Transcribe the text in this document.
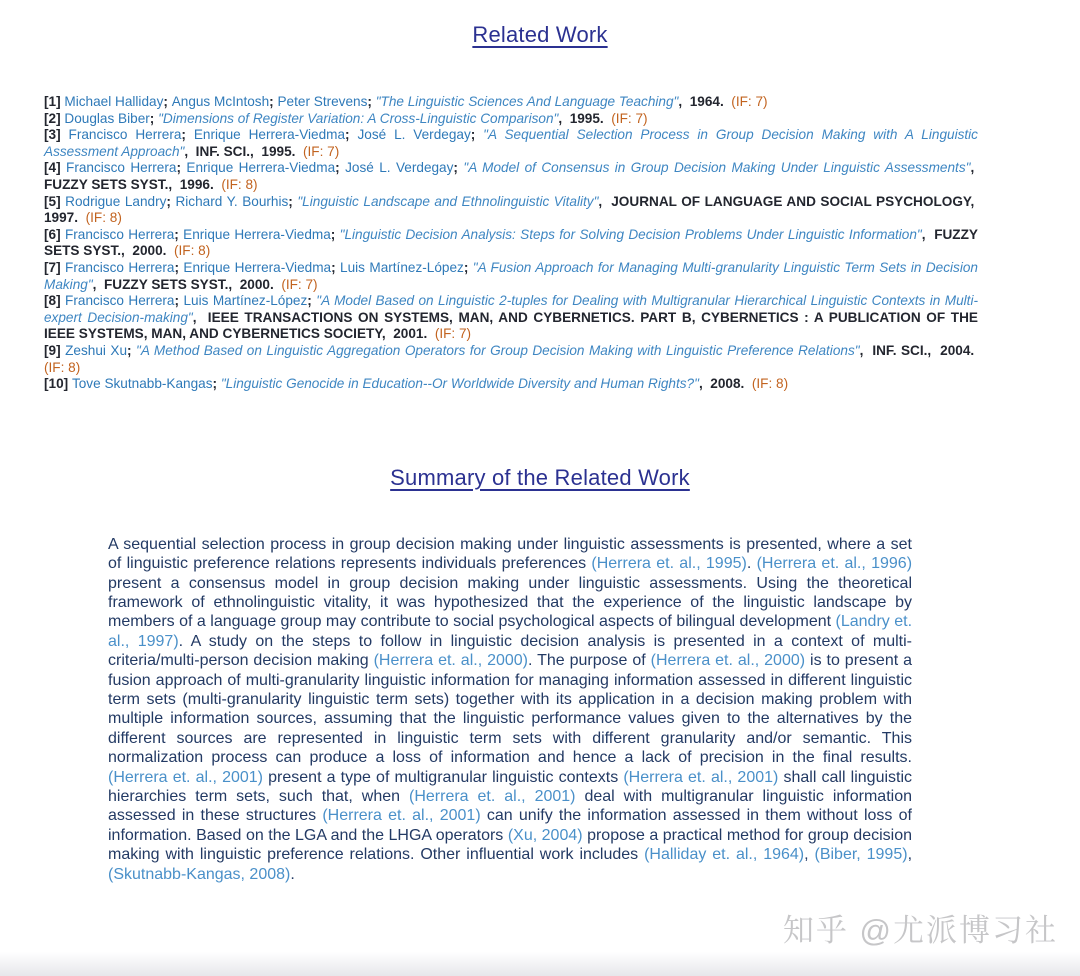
Related Work
[1] Michael Halliday; Angus McIntosh; Peter Strevens; "The Linguistic Sciences And Language Teaching",  1964. (IF: 7)
[2] Douglas Biber; "Dimensions of Register Variation: A Cross-Linguistic Comparison",  1995. (IF: 7)
[3] Francisco Herrera; Enrique Herrera-Viedma; José L. Verdegay; "A Sequential Selection Process in Group Decision Making with A Linguistic Assessment Approach",  INF. SCI., 1995. (IF: 7)
[4] Francisco Herrera; Enrique Herrera-Viedma; José L. Verdegay; "A Model of Consensus in Group Decision Making Under Linguistic Assessments",  FUZZY SETS SYST., 1996. (IF: 8)
[5] Rodrigue Landry; Richard Y. Bourhis; "Linguistic Landscape and Ethnolinguistic Vitality",  JOURNAL OF LANGUAGE AND SOCIAL PSYCHOLOGY,  1997. (IF: 8)
[6] Francisco Herrera; Enrique Herrera-Viedma; "Linguistic Decision Analysis: Steps for Solving Decision Problems Under Linguistic Information",  FUZZY SETS SYST., 2000. (IF: 8)
[7] Francisco Herrera; Enrique Herrera-Viedma; Luis Martínez-López; "A Fusion Approach for Managing Multi-granularity Linguistic Term Sets in Decision Making",  FUZZY SETS SYST., 2000. (IF: 7)
[8] Francisco Herrera; Luis Martínez-López; "A Model Based on Linguistic 2-tuples for Dealing with Multigranular Hierarchical Linguistic Contexts in Multi-expert Decision-making",  IEEE TRANSACTIONS ON SYSTEMS, MAN, AND CYBERNETICS. PART B, CYBERNETICS : A PUBLICATION OF THE IEEE SYSTEMS, MAN, AND CYBERNETICS SOCIETY, 2001. (IF: 7)
[9] Zeshui Xu; "A Method Based on Linguistic Aggregation Operators for Group Decision Making with Linguistic Preference Relations",  INF. SCI., 2004.  (IF: 8)
[10] Tove Skutnabb-Kangas; "Linguistic Genocide in Education--Or Worldwide Diversity and Human Rights?",  2008. (IF: 8)
Summary of the Related Work

A sequential selection process in group decision making under linguistic assessments is presented, where a set of linguistic preference relations represents individuals preferences (Herrera et. al., 1995). (Herrera et. al., 1996) present a consensus model in group decision making under linguistic assessments. Using the theoretical framework of ethnolinguistic vitality, it was hypothesized that the experience of the linguistic landscape by members of a language group may contribute to social psychological aspects of bilingual development (Landry et. al., 1997). A study on the steps to follow in linguistic decision analysis is presented in a context of multi-criteria/multi-person decision making (Herrera et. al., 2000). The purpose of (Herrera et. al., 2000) is to present a fusion approach of multi-granularity linguistic information for managing information assessed in different linguistic term sets (multi-granularity linguistic term sets) together with its application in a decision making problem with multiple information sources, assuming that the linguistic performance values given to the alternatives by the different sources are represented in linguistic term sets with different granularity and/or semantic. This normalization process can produce a loss of information and hence a lack of precision in the final results. (Herrera et. al., 2001) present a type of multigranular linguistic contexts (Herrera et. al., 2001) shall call linguistic hierarchies term sets, such that, when (Herrera et. al., 2001) deal with multigranular linguistic information assessed in these structures (Herrera et. al., 2001) can unify the information assessed in them without loss of information. Based on the LGA and the LHGA operators (Xu, 2004) propose a practical method for group decision making with linguistic preference relations. Other influential work includes (Halliday et. al., 1964), (Biber, 1995), (Skutnabb-Kangas, 2008).

知乎 @尤派博习社
